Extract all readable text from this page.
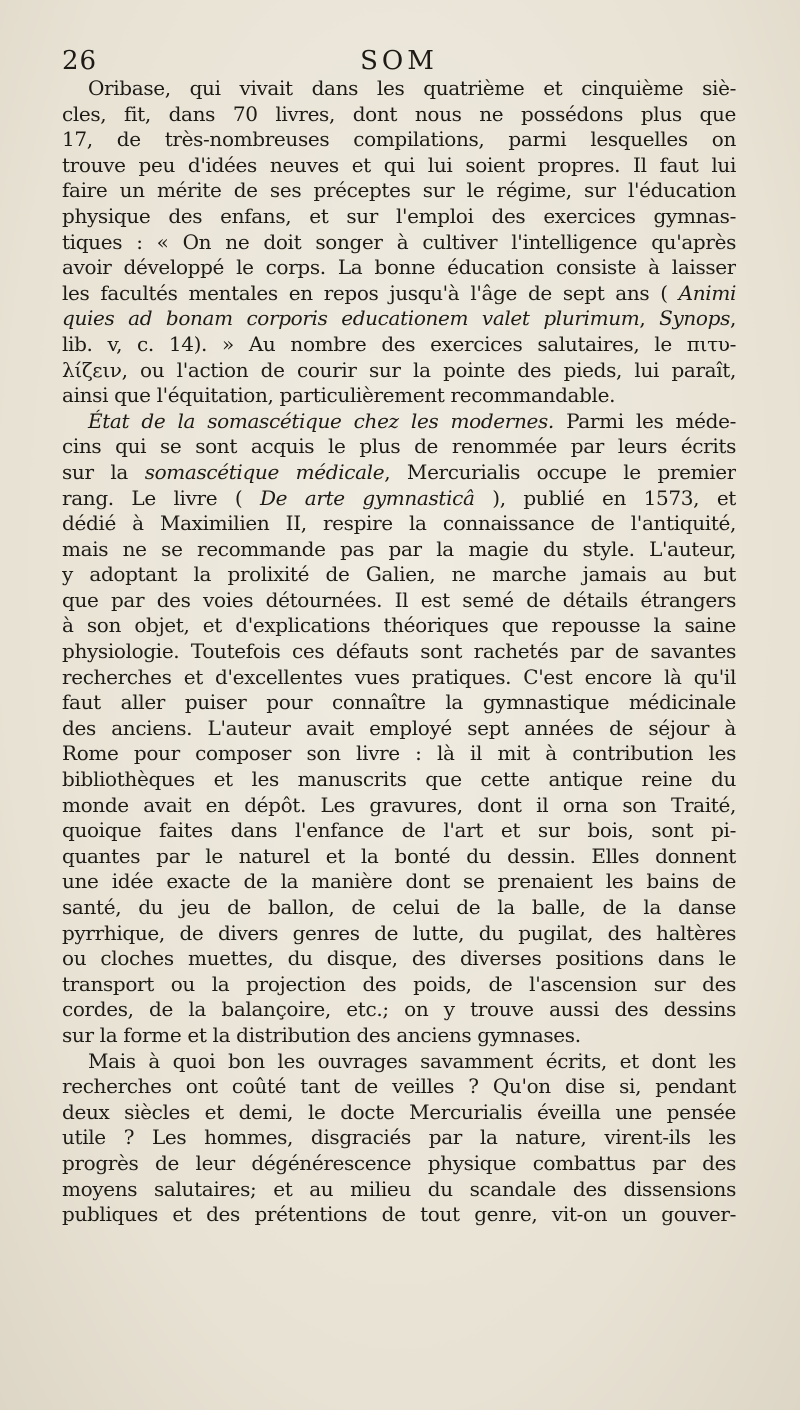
26	SOM
Oribase, qui vivait dans les quatrième et cinquième siè-
cles, fit, dans 70 livres, dont nous ne possédons plus que
17, de très-nombreuses compilations, parmi lesquelles on
trouve peu d'idées neuves et qui lui soient propres. Il faut lui
faire un mérite de ses préceptes sur le régime, sur l'éducation
physique des enfans, et sur l'emploi des exercices gymnas-
tiques : « On ne doit songer à cultiver l'intelligence qu'après
avoir développé le corps. La bonne éducation consiste à laisser
les facultés mentales en repos jusqu'à l'âge de sept ans ( Animi
quies ad bonam corporis educationem valet plurimum, Synops,
lib. v, c. 14). » Au nombre des exercices salutaires, le πιτυ-
λίζειν, ou l'action de courir sur la pointe des pieds, lui paraît,
ainsi que l'équitation, particulièrement recommandable.
État de la somascétique chez les modernes. Parmi les méde-
cins qui se sont acquis le plus de renommée par leurs écrits
sur la somascétique médicale, Mercurialis occupe le premier
rang. Le livre ( De arte gymnasticâ ), publié en 1573, et
dédié à Maximilien II, respire la connaissance de l'antiquité,
mais ne se recommande pas par la magie du style. L'auteur,
y adoptant la prolixité de Galien, ne marche jamais au but
que par des voies détournées. Il est semé de détails étrangers
à son objet, et d'explications théoriques que repousse la saine
physiologie. Toutefois ces défauts sont rachetés par de savantes
recherches et d'excellentes vues pratiques. C'est encore là qu'il
faut aller puiser pour connaître la gymnastique médicinale
des anciens. L'auteur avait employé sept années de séjour à
Rome pour composer son livre : là il mit à contribution les
bibliothèques et les manuscrits que cette antique reine du
monde avait en dépôt. Les gravures, dont il orna son Traité,
quoique faites dans l'enfance de l'art et sur bois, sont pi-
quantes par le naturel et la bonté du dessin. Elles donnent
une idée exacte de la manière dont se prenaient les bains de
santé, du jeu de ballon, de celui de la balle, de la danse
pyrrhique, de divers genres de lutte, du pugilat, des haltères
ou cloches muettes, du disque, des diverses positions dans le
transport ou la projection des poids, de l'ascension sur des
cordes, de la balançoire, etc.; on y trouve aussi des dessins
sur la forme et la distribution des anciens gymnases.
Mais à quoi bon les ouvrages savamment écrits, et dont les
recherches ont coûté tant de veilles ? Qu'on dise si, pendant
deux siècles et demi, le docte Mercurialis éveilla une pensée
utile ? Les hommes, disgraciés par la nature, virent-ils les
progrès de leur dégénérescence physique combattus par des
moyens salutaires; et au milieu du scandale des dissensions
publiques et des prétentions de tout genre, vit-on un gouver-
